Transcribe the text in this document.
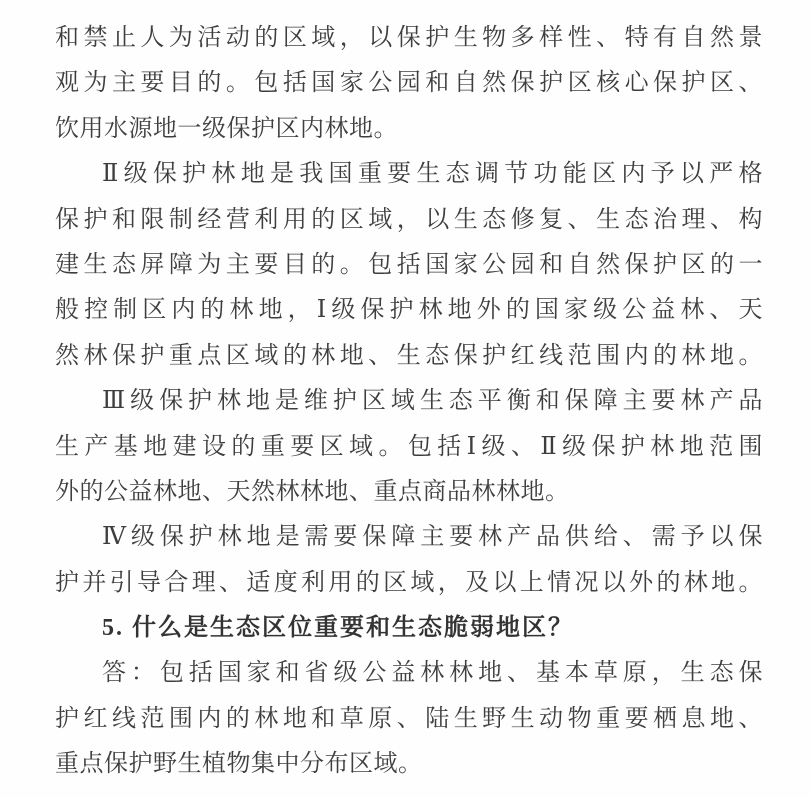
和禁止人为活动的区域，以保护生物多样性、特有自然景
观为主要目的。包括国家公园和自然保护区核心保护区、
饮用水源地一级保护区内林地。
Ⅱ级保护林地是我国重要生态调节功能区内予以严格
保护和限制经营利用的区域，以生态修复、生态治理、构
建生态屏障为主要目的。包括国家公园和自然保护区的一
般控制区内的林地，Ⅰ级保护林地外的国家级公益林、天
然林保护重点区域的林地、生态保护红线范围内的林地。
Ⅲ级保护林地是维护区域生态平衡和保障主要林产品
生产基地建设的重要区域。包括Ⅰ级、Ⅱ级保护林地范围
外的公益林地、天然林林地、重点商品林林地。
Ⅳ级保护林地是需要保障主要林产品供给、需予以保
护并引导合理、适度利用的区域，及以上情况以外的林地。
5. 什么是生态区位重要和生态脆弱地区？
答：包括国家和省级公益林林地、基本草原，生态保
护红线范围内的林地和草原、陆生野生动物重要栖息地、
重点保护野生植物集中分布区域。
